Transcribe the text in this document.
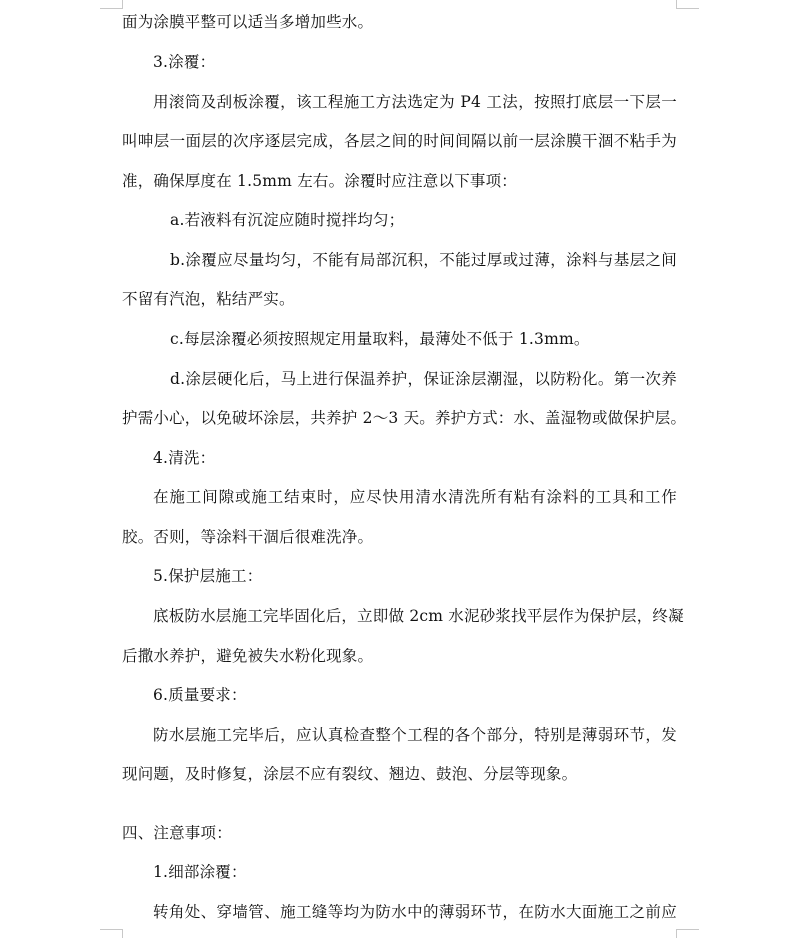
面为涂膜平整可以适当多增加些水。
3.涂覆：
用滚筒及刮板涂覆，该工程施工方法选定为 P4 工法，按照打底层一下层一
叫呻层一面层的次序逐层完成，各层之间的时间间隔以前一层涂膜干涸不粘手为
准，确保厚度在 1.5mm 左右。涂覆时应注意以下事项：
a.若液料有沉淀应随时搅拌均匀；
b.涂覆应尽量均匀，不能有局部沉积，不能过厚或过薄，涂料与基层之间
不留有汽泡，粘结严实。
c.每层涂覆必须按照规定用量取料，最薄处不低于 1.3mm。
d.涂层硬化后，马上进行保温养护，保证涂层潮湿，以防粉化。第一次养
护需小心，以免破坏涂层，共养护 2～3 天。养护方式：水、盖湿物或做保护层。
4.清洗：
在施工间隙或施工结束时，应尽快用清水清洗所有粘有涂料的工具和工作
胶。否则，等涂料干涸后很难洗净。
5.保护层施工：
底板防水层施工完毕固化后，立即做 2cm 水泥砂浆找平层作为保护层，终凝
后撒水养护，避免被失水粉化现象。
6.质量要求：
防水层施工完毕后，应认真检查整个工程的各个部分，特别是薄弱环节，发
现问题，及时修复，涂层不应有裂纹、翘边、鼓泡、分层等现象。
四、注意事项：
1.细部涂覆：
转角处、穿墙管、施工缝等均为防水中的薄弱环节，在防水大面施工之前应
